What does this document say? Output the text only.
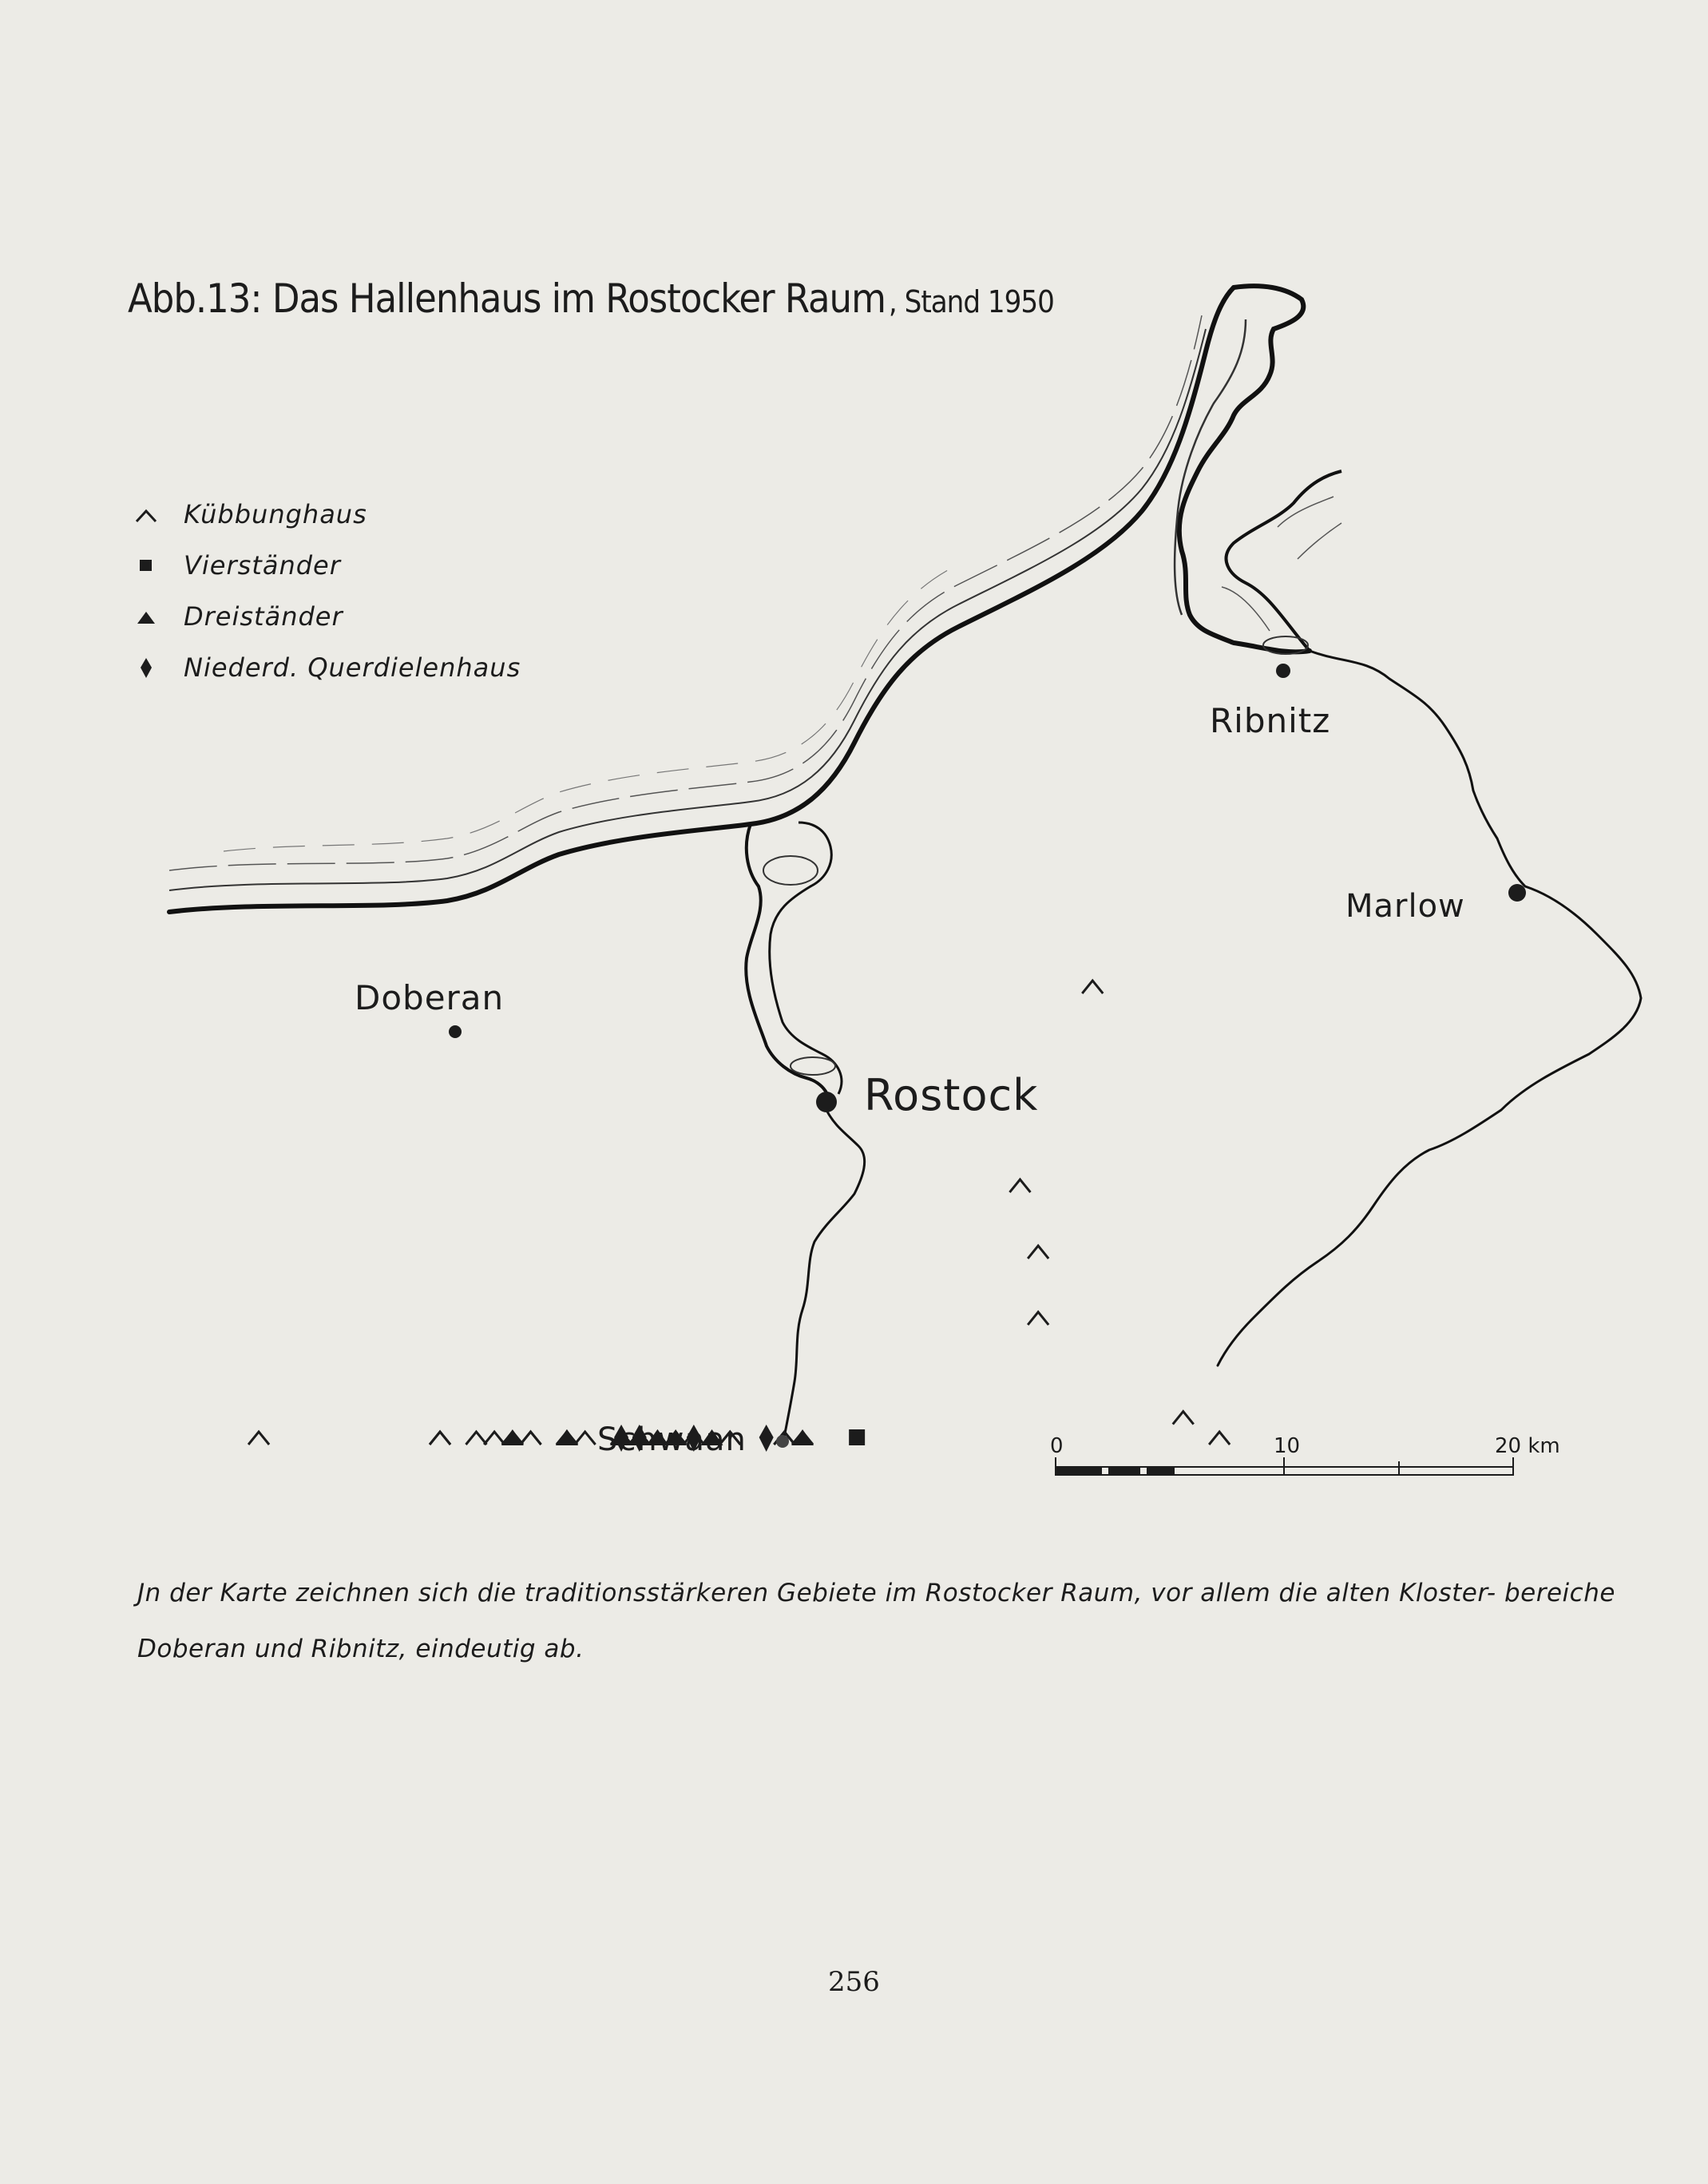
Abb.13: Das Hallenhaus im Rostocker Raum , Stand 1950
Kübbunghaus
Vierständer
Dreiständer
Niederd. Querdielenhaus
Doberan
Rostock
Ribnitz
Marlow
Schwaan	0	10	20 km
Jn der Karte zeichnen sich die traditionsstärkeren Gebiete im Rostocker Raum, vor allem die alten Kloster- bereiche Doberan und Ribnitz, eindeutig ab.
256
